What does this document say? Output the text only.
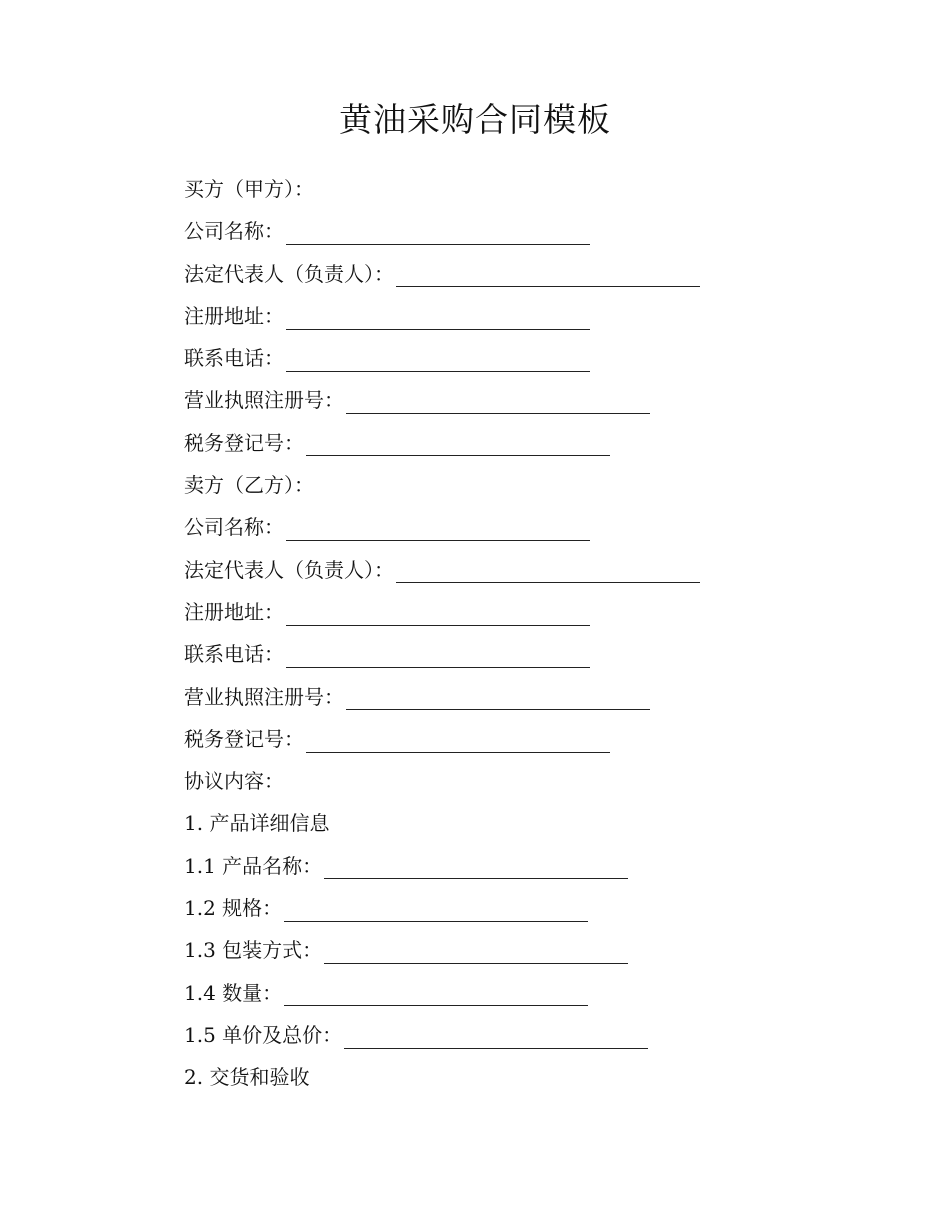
黄油采购合同模板
买方（甲方）：
公司名称：
法定代表人（负责人）：
注册地址：
联系电话：
营业执照注册号：
税务登记号：
卖方（乙方）：
公司名称：
法定代表人（负责人）：
注册地址：
联系电话：
营业执照注册号：
税务登记号：
协议内容：
1. 产品详细信息
1.1 产品名称：
1.2 规格：
1.3 包装方式：
1.4 数量：
1.5 单价及总价：
2. 交货和验收
